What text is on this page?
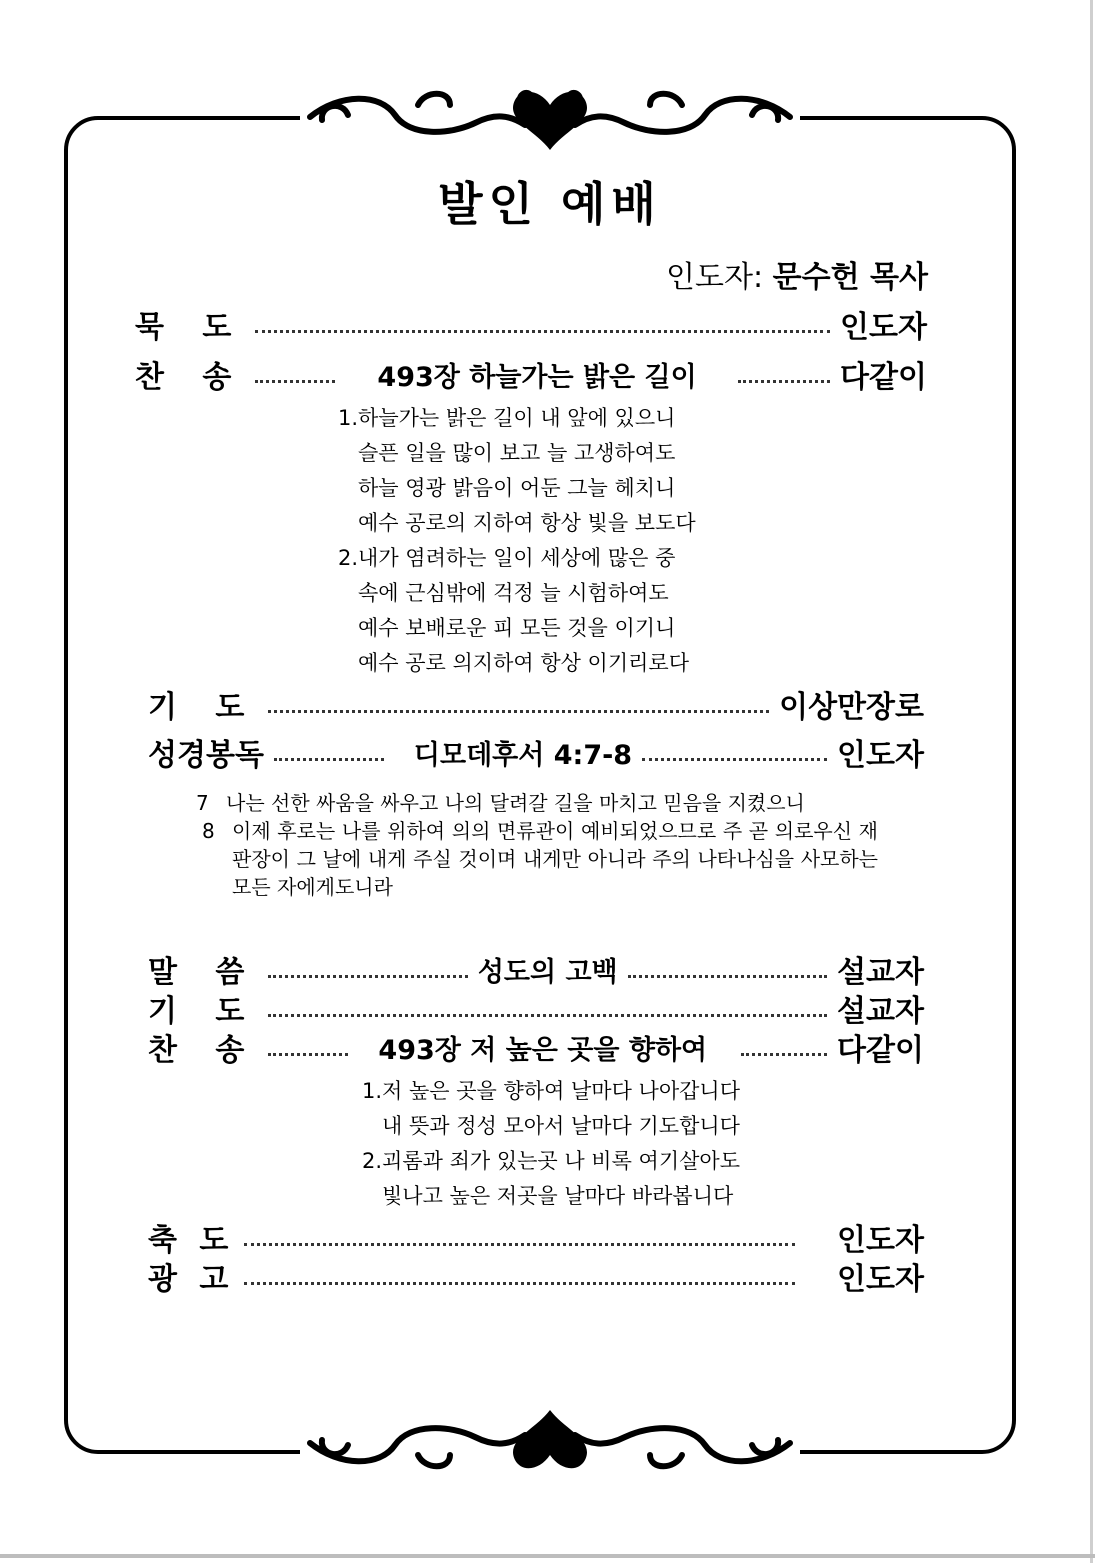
발인 예배
인도자: 문수헌 목사
묵 도	인도자
찬 송	493장 하늘가는 밝은 길이	다같이
1.하늘가는 밝은 길이 내 앞에 있으니
슬픈 일을 많이 보고 늘 고생하여도
하늘 영광 밝음이 어둔 그늘 헤치니
예수 공로의 지하여 항상 빛을 보도다
2.내가 염려하는 일이 세상에 많은 중
속에 근심밖에 걱정 늘 시험하여도
예수 보배로운 피 모든 것을 이기니
예수 공로 의지하여 항상 이기리로다
기 도	이상만장로
성경봉독	디모데후서 4:7-8	인도자
7 나는 선한 싸움을 싸우고 나의 달려갈 길을 마치고 믿음을 지켰으니
8 이제 후로는 나를 위하여 의의 면류관이 예비되었으므로 주 곧 의로우신 재판장이 그 날에 내게 주실 것이며 내게만 아니라 주의 나타나심을 사모하는 모든 자에게도니라
말 씀	성도의 고백	설교자
기 도	설교자
찬 송	493장 저 높은 곳을 향하여	다같이
1.저 높은 곳을 향하여 날마다 나아갑니다
내 뜻과 정성 모아서 날마다 기도합니다
2.괴롬과 죄가 있는곳 나 비록 여기살아도
빛나고 높은 저곳을 날마다 바라봅니다
축 도	인도자
광 고	인도자
